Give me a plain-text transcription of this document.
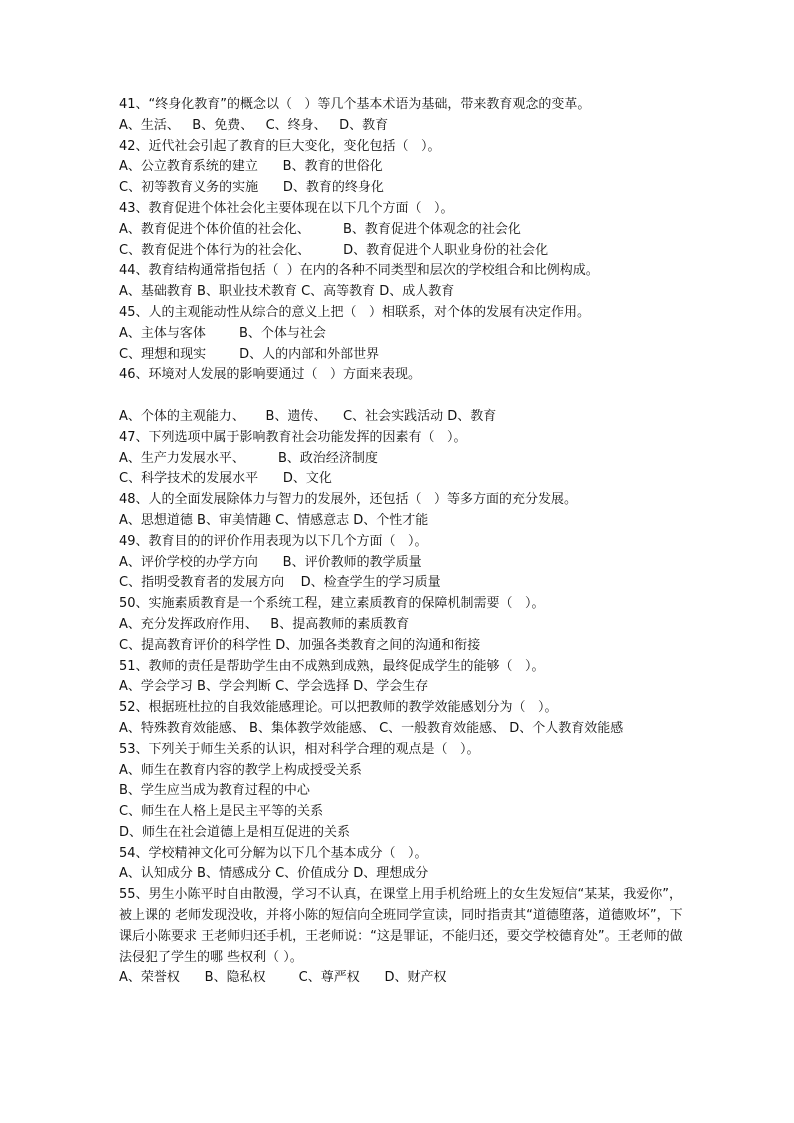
41、“终身化教育”的概念以（   ）等几个基本术语为基础，带来教育观念的变革。
A、生活、   B、免费、   C、终身、   D、教育
42、近代社会引起了教育的巨大变化，变化包括（   ）。
A、公立教育系统的建立      B、教育的世俗化
C、初等教育义务的实施      D、教育的终身化
43、教育促进个体社会化主要体现在以下几个方面（   ）。
A、教育促进个体价值的社会化、        B、教育促进个体观念的社会化
C、教育促进个体行为的社会化、        D、教育促进个人职业身份的社会化
44、教育结构通常指包括（  ）在内的各种不同类型和层次的学校组合和比例构成。
A、基础教育 B、职业技术教育 C、高等教育 D、成人教育
45、人的主观能动性从综合的意义上把（   ）相联系，对个体的发展有决定作用。
A、主体与客体        B、个体与社会
C、理想和现实        D、人的内部和外部世界
46、环境对人发展的影响要通过（   ）方面来表现。
A、个体的主观能力、     B、遗传、    C、社会实践活动 D、教育
47、下列选项中属于影响教育社会功能发挥的因素有（   ）。
A、生产力发展水平、        B、政治经济制度
C、科学技术的发展水平      D、文化
48、人的全面发展除体力与智力的发展外，还包括（   ）等多方面的充分发展。
A、思想道德 B、审美情趣 C、情感意志 D、个性才能
49、教育目的的评价作用表现为以下几个方面（   ）。
A、评价学校的办学方向      B、评价教师的教学质量
C、指明受教育者的发展方向    D、检查学生的学习质量
50、实施素质教育是一个系统工程，建立素质教育的保障机制需要（   ）。
A、充分发挥政府作用、   B、提高教师的素质教育
C、提高教育评价的科学性 D、加强各类教育之间的沟通和衔接
51、教师的责任是帮助学生由不成熟到成熟，最终促成学生的能够（   ）。
A、学会学习 B、学会判断 C、学会选择 D、学会生存
52、根据班杜拉的自我效能感理论。可以把教师的教学效能感划分为（   ）。
A、特殊教育效能感、 B、集体教学效能感、 C、一般教育效能感、 D、个人教育效能感
53、下列关于师生关系的认识，相对科学合理的观点是（   ）。
A、师生在教育内容的教学上构成授受关系
B、学生应当成为教育过程的中心
C、师生在人格上是民主平等的关系
D、师生在社会道德上是相互促进的关系
54、学校精神文化可分解为以下几个基本成分（   ）。
A、认知成分 B、情感成分 C、价值成分 D、理想成分
55、男生小陈平时自由散漫，学习不认真，在课堂上用手机给班上的女生发短信“某某，我爱你”，被上课的 老师发现没收，并将小陈的短信向全班同学宣读，同时指责其“道德堕落，道德败坏”，下课后小陈要求 王老师归还手机，王老师说：“这是罪证，不能归还，要交学校德育处”。王老师的做法侵犯了学生的哪 些权利（ ）。
A、荣誉权      B、隐私权        C、尊严权      D、财产权
